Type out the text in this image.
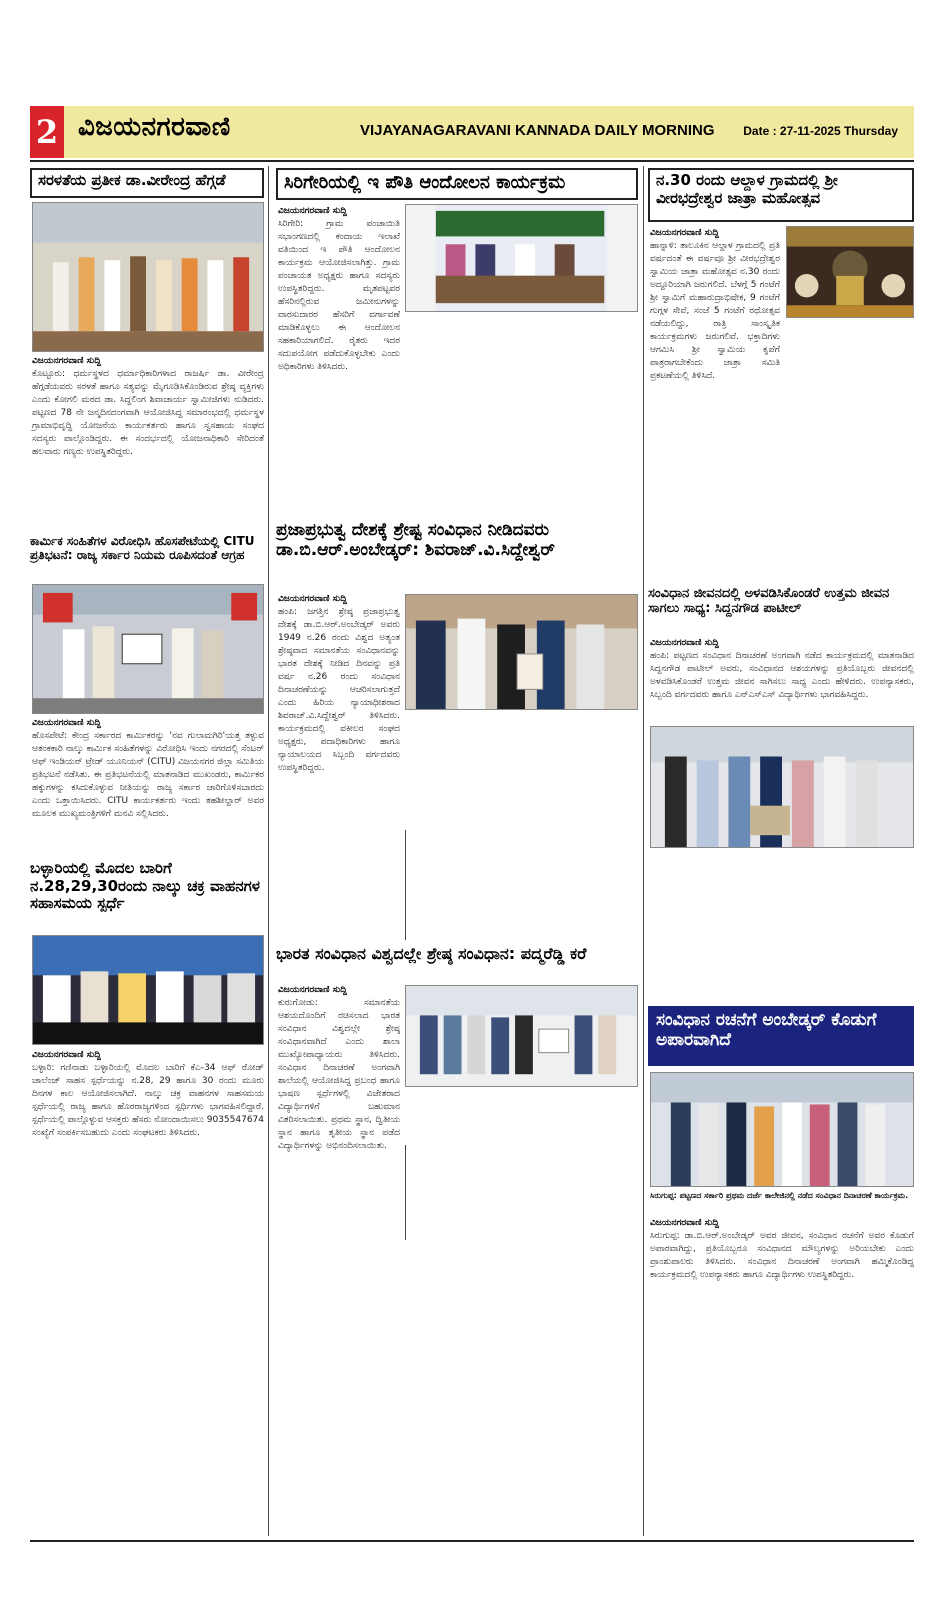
2 ವಿಜಯನಗರವಾಣಿ	VIJAYANAGARAVANI KANNADA DAILY MORNING Date : 27-11-2025 Thursday
ಸರಳತೆಯ ಪ್ರತೀಕ ಡಾ.ವೀರೇಂದ್ರ ಹೆಗ್ಗಡೆ
ವಿಜಯನಗರವಾಣಿ ಸುದ್ದಿ
ಕೊಟ್ಟೂರು: ಧರ್ಮಸ್ಥಳದ ಧರ್ಮಾಧಿಕಾರಿಗಳಾದ ರಾಜರ್ಷಿ ಡಾ. ವೀರೇಂದ್ರ ಹೆಗ್ಗಡೆಯವರು ಸರಳತೆ ಹಾಗೂ ಸತ್ಯವನ್ನು ಮೈಗೂಡಿಸಿಕೊಂಡಿರುವ ಶ್ರೇಷ್ಠ ವ್ಯಕ್ತಿಗಳು ಎಂದು ಕೋಗಲಿ ಮಠದ ಡಾ. ಸಿದ್ಧಲಿಂಗ ಶಿವಾಚಾರ್ಯ ಸ್ವಾಮೀಜಿಗಳು ನುಡಿದರು. ಪಟ್ಟಣದ 78 ನೇ ಜನ್ಮದಿನದಂಗವಾಗಿ ಆಯೋಜಿಸಿದ್ದ ಸಮಾರಂಭದಲ್ಲಿ ಧರ್ಮಸ್ಥಳ ಗ್ರಾಮಾಭಿವೃದ್ಧಿ ಯೋಜನೆಯ ಕಾರ್ಯಕರ್ತರು ಹಾಗೂ ಸ್ವಸಹಾಯ ಸಂಘದ ಸದಸ್ಯರು ಪಾಲ್ಗೊಂಡಿದ್ದರು. ಈ ಸಂದರ್ಭದಲ್ಲಿ ಯೋಜನಾಧಿಕಾರಿ ಸೇರಿದಂತೆ ಹಲವಾರು ಗಣ್ಯರು ಉಪಸ್ಥಿತರಿದ್ದರು.
ಕಾರ್ಮಿಕ ಸಂಹಿತೆಗಳ ವಿರೋಧಿಸಿ ಹೊಸಪೇಟೆಯಲ್ಲಿ CITU ಪ್ರತಿಭಟನೆ: ರಾಜ್ಯ ಸರ್ಕಾರ ನಿಯಮ ರೂಪಿಸದಂತೆ ಆಗ್ರಹ
ವಿಜಯನಗರವಾಣಿ ಸುದ್ದಿ
ಹೊಸಪೇಟೆ: ಕೇಂದ್ರ ಸರ್ಕಾರದ ಕಾರ್ಮಿಕರನ್ನು 'ನವ ಗುಲಾಮಗಿರಿ'ಯತ್ತ ತಳ್ಳುವ ಆತಂಕಕಾರಿ ನಾಲ್ಕು ಕಾರ್ಮಿಕ ಸಂಹಿತೆಗಳನ್ನು ವಿರೋಧಿಸಿ ಇಂದು ನಗರದಲ್ಲಿ ಸೆಂಟರ್ ಆಫ್ ಇಂಡಿಯನ್ ಟ್ರೇಡ್ ಯೂನಿಯನ್ (CITU) ವಿಜಯನಗರ ಜಿಲ್ಲಾ ಸಮಿತಿಯ ಪ್ರತಿಭಟನೆ ನಡೆಸಿತು. ಈ ಪ್ರತಿಭಟನೆಯಲ್ಲಿ ಮಾತನಾಡಿದ ಮುಖಂಡರು, ಕಾರ್ಮಿಕರ ಹಕ್ಕುಗಳನ್ನು ಕಸಿದುಕೊಳ್ಳುವ ನೀತಿಯನ್ನು ರಾಜ್ಯ ಸರ್ಕಾರ ಜಾರಿಗೊಳಿಸಬಾರದು ಎಂದು ಒತ್ತಾಯಿಸಿದರು. CITU ಕಾರ್ಯಕರ್ತರು ಇಂದು ತಹಶೀಲ್ದಾರ್ ಅವರ ಮೂಲಕ ಮುಖ್ಯಮಂತ್ರಿಗಳಿಗೆ ಮನವಿ ಸಲ್ಲಿಸಿದರು.
ಬಳ್ಳಾರಿಯಲ್ಲಿ ಮೊದಲ ಬಾರಿಗೆ ನ.28,29,30ರಂದು ನಾಲ್ಕು ಚಕ್ರ ವಾಹನಗಳ ಸಹಾಸಮಯ ಸ್ಪರ್ಧೆ
ವಿಜಯನಗರವಾಣಿ ಸುದ್ದಿ
ಬಳ್ಳಾರಿ: ಗಣಿನಾಡು ಬಳ್ಳಾರಿಯಲ್ಲಿ ಮೊದಲ ಬಾರಿಗೆ ಕೆಎ-34 ಆಫ್ ರೋಡ್ ಚಾಲೆಂಜ್ ಸಾಹಸ ಸ್ಪರ್ಧೆಯನ್ನು ನ.28, 29 ಹಾಗೂ 30 ರಂದು ಮೂರು ದಿನಗಳ ಕಾಲ ಆಯೋಜಿಸಲಾಗಿದೆ. ನಾಲ್ಕು ಚಕ್ರ ವಾಹನಗಳ ಸಾಹಸಮಯ ಸ್ಪರ್ಧೆಯಲ್ಲಿ ರಾಜ್ಯ ಹಾಗೂ ಹೊರರಾಜ್ಯಗಳಿಂದ ಸ್ಪರ್ಧಿಗಳು ಭಾಗವಹಿಸಲಿದ್ದಾರೆ. ಸ್ಪರ್ಧೆಯಲ್ಲಿ ಪಾಲ್ಗೊಳ್ಳುವ ಆಸಕ್ತರು ಹೆಸರು ನೋಂದಾಯಿಸಲು 9035547674 ಸಂಖ್ಯೆಗೆ ಸಂಪರ್ಕಿಸಬಹುದು ಎಂದು ಸಂಘಟಕರು ತಿಳಿಸಿದರು.
ಸಿರಿಗೇರಿಯಲ್ಲಿ ಇ ಪೌತಿ ಆಂದೋಲನ ಕಾರ್ಯಕ್ರಮ
ವಿಜಯನಗರವಾಣಿ ಸುದ್ದಿ
ಸಿರಿಗೇರಿ: ಗ್ರಾಮ ಪಂಚಾಯಿತಿ ಸಭಾಂಗಣದಲ್ಲಿ ಕಂದಾಯ ಇಲಾಖೆ ವತಿಯಿಂದ ಇ ಪೌತಿ ಆಂದೋಲನ ಕಾರ್ಯಕ್ರಮ ಆಯೋಜಿಸಲಾಗಿತ್ತು. ಗ್ರಾಮ ಪಂಚಾಯತ ಅಧ್ಯಕ್ಷರು ಹಾಗೂ ಸದಸ್ಯರು ಉಪಸ್ಥಿತರಿದ್ದರು. ಮೃತಪಟ್ಟವರ ಹೆಸರಿನಲ್ಲಿರುವ ಜಮೀನುಗಳನ್ನು ವಾರಸುದಾರರ ಹೆಸರಿಗೆ ವರ್ಗಾವಣೆ ಮಾಡಿಕೊಳ್ಳಲು ಈ ಆಂದೋಲನ ಸಹಕಾರಿಯಾಗಲಿದೆ. ರೈತರು ಇದರ ಸದುಪಯೋಗ ಪಡೆದುಕೊಳ್ಳಬೇಕು ಎಂದು ಅಧಿಕಾರಿಗಳು ತಿಳಿಸಿದರು.
ಪ್ರಜಾಪ್ರಭುತ್ವ ದೇಶಕ್ಕೆ ಶ್ರೇಷ್ಟ ಸಂವಿಧಾನ ನೀಡಿದವರು ಡಾ.ಬಿ.ಆರ್.ಅಂಬೇಡ್ಕರ್: ಶಿವರಾಜ್.ವಿ.ಸಿದ್ದೇಶ್ವರ್
ವಿಜಯನಗರವಾಣಿ ಸುದ್ದಿ
ಹಂಪಿ: ಜಗತ್ತಿನ ಶ್ರೇಷ್ಠ ಪ್ರಜಾಪ್ರಭುತ್ವ ದೇಶಕ್ಕೆ ಡಾ.ಬಿ.ಆರ್.ಅಂಬೇಡ್ಕರ್ ಅವರು 1949 ನ.26 ರಂದು ವಿಶ್ವದ ಅತ್ಯಂತ ಶ್ರೇಷ್ಠವಾದ ಸಮಾನತೆಯ ಸಂವಿಧಾನವನ್ನು ಭಾರತ ದೇಶಕ್ಕೆ ನೀಡಿದ ದಿನವನ್ನು ಪ್ರತಿ ವರ್ಷ ನ.26 ರಂದು ಸಂವಿಧಾನ ದಿನಾಚರಣೆಯನ್ನು ಆಚರಿಸಲಾಗುತ್ತದೆ ಎಂದು ಹಿರಿಯ ನ್ಯಾಯಾಧೀಶರಾದ ಶಿವರಾಜ್.ವಿ.ಸಿದ್ದೇಶ್ವರ್ ತಿಳಿಸಿದರು. ಕಾರ್ಯಕ್ರಮದಲ್ಲಿ ವಕೀಲರ ಸಂಘದ ಅಧ್ಯಕ್ಷರು, ಪದಾಧಿಕಾರಿಗಳು ಹಾಗೂ ನ್ಯಾಯಾಲಯದ ಸಿಬ್ಬಂದಿ ವರ್ಗದವರು ಉಪಸ್ಥಿತರಿದ್ದರು.
ಭಾರತ ಸಂವಿಧಾನ ವಿಶ್ವದಲ್ಲೇ ಶ್ರೇಷ್ಠ ಸಂವಿಧಾನ: ಪದ್ಮರೆಡ್ಡಿ ಕರೆ
ವಿಜಯನಗರವಾಣಿ ಸುದ್ದಿ
ಕುರುಗೋಡು: ಸಮಾನತೆಯ ಆಶಯದೊಂದಿಗೆ ರಚಿಸಲಾದ ಭಾರತ ಸಂವಿಧಾನ ವಿಶ್ವದಲ್ಲೇ ಶ್ರೇಷ್ಠ ಸಂವಿಧಾನವಾಗಿದೆ ಎಂದು ಶಾಲಾ ಮುಖ್ಯೋಪಾಧ್ಯಾಯರು ತಿಳಿಸಿದರು. ಸಂವಿಧಾನ ದಿನಾಚರಣೆ ಅಂಗವಾಗಿ ಶಾಲೆಯಲ್ಲಿ ಆಯೋಜಿಸಿದ್ದ ಪ್ರಬಂಧ ಹಾಗೂ ಭಾಷಣ ಸ್ಪರ್ಧೆಗಳಲ್ಲಿ ವಿಜೇತರಾದ ವಿದ್ಯಾರ್ಥಿಗಳಿಗೆ ಬಹುಮಾನ ವಿತರಿಸಲಾಯಿತು. ಪ್ರಥಮ ಸ್ಥಾನ, ದ್ವಿತೀಯ ಸ್ಥಾನ ಹಾಗೂ ತೃತೀಯ ಸ್ಥಾನ ಪಡೆದ ವಿದ್ಯಾರ್ಥಿಗಳನ್ನು ಅಭಿನಂದಿಸಲಾಯಿತು.
ನ.30 ರಂದು ಆಲ್ದಾಳ ಗ್ರಾಮದಲ್ಲಿ ಶ್ರೀ ವೀರಭದ್ರೇಶ್ವರ ಜಾತ್ರಾ ಮಹೋತ್ಸವ
ವಿಜಯನಗರವಾಣಿ ಸುದ್ದಿ
ಹಾನ್ನಾಳಿ: ತಾಲೂಕಿನ ಆಲ್ದಾಳ ಗ್ರಾಮದಲ್ಲಿ ಪ್ರತಿ ವರ್ಷದಂತೆ ಈ ವರ್ಷವೂ ಶ್ರೀ ವೀರಭದ್ರೇಶ್ವರ ಸ್ವಾಮಿಯ ಜಾತ್ರಾ ಮಹೋತ್ಸವ ನ.30 ರಂದು ಅದ್ದೂರಿಯಾಗಿ ಜರುಗಲಿದೆ. ಬೆಳಗ್ಗೆ 5 ಗಂಟೆಗೆ ಶ್ರೀ ಸ್ವಾಮಿಗೆ ಮಹಾರುದ್ರಾಭಿಷೇಕ, 9 ಗಂಟೆಗೆ ಗುಗ್ಗಳ ಸೇವೆ, ಸಂಜೆ 5 ಗಂಟೆಗೆ ರಥೋತ್ಸವ ನಡೆಯಲಿದ್ದು, ರಾತ್ರಿ ಸಾಂಸ್ಕೃತಿಕ ಕಾರ್ಯಕ್ರಮಗಳು ಜರುಗಲಿವೆ. ಭಕ್ತಾದಿಗಳು ಆಗಮಿಸಿ ಶ್ರೀ ಸ್ವಾಮಿಯ ಕೃಪೆಗೆ ಪಾತ್ರರಾಗಬೇಕೆಂದು ಜಾತ್ರಾ ಸಮಿತಿ ಪ್ರಕಟಣೆಯಲ್ಲಿ ತಿಳಿಸಿದೆ.
ಸಂವಿಧಾನ ಜೀವನದಲ್ಲಿ ಅಳವಡಿಸಿಕೊಂಡರೆ ಉತ್ತಮ ಜೀವನ ಸಾಗಲು ಸಾಧ್ಯ: ಸಿದ್ದನಗೌಡ ಪಾಟೀಲ್
ವಿಜಯನಗರವಾಣಿ ಸುದ್ದಿ
ಹಂಪಿ: ಪಟ್ಟಣದ ಸಂವಿಧಾನ ದಿನಾಚರಣೆ ಅಂಗವಾಗಿ ನಡೆದ ಕಾರ್ಯಕ್ರಮದಲ್ಲಿ ಮಾತನಾಡಿದ ಸಿದ್ದನಗೌಡ ಪಾಟೀಲ್ ಅವರು, ಸಂವಿಧಾನದ ಆಶಯಗಳನ್ನು ಪ್ರತಿಯೊಬ್ಬರು ಜೀವನದಲ್ಲಿ ಅಳವಡಿಸಿಕೊಂಡರೆ ಉತ್ತಮ ಜೀವನ ಸಾಗಿಸಲು ಸಾಧ್ಯ ಎಂದು ಹೇಳಿದರು. ಉಪನ್ಯಾಸಕರು, ಸಿಬ್ಬಂದಿ ವರ್ಗದವರು ಹಾಗೂ ಎನ್ಎಸ್ಎಸ್ ವಿದ್ಯಾರ್ಥಿಗಳು ಭಾಗವಹಿಸಿದ್ದರು.
ಸಂವಿಧಾನ ರಚನೆಗೆ ಅಂಬೇಡ್ಕರ್ ಕೊಡುಗೆ ಅಪಾರವಾಗಿದೆ
ಸಿರುಗುಪ್ಪ: ಪಟ್ಟಣದ ಸರ್ಕಾರಿ ಪ್ರಥಮ ದರ್ಜೆ ಕಾಲೇಜಿನಲ್ಲಿ ನಡೆದ ಸಂವಿಧಾನ ದಿನಾಚರಣೆ ಕಾರ್ಯಕ್ರಮ.
ವಿಜಯನಗರವಾಣಿ ಸುದ್ದಿ
ಸಿರುಗುಪ್ಪ: ಡಾ.ಬಿ.ಆರ್.ಅಂಬೇಡ್ಕರ್ ಅವರ ಜೀವನ, ಸಂವಿಧಾನ ರಚನೆಗೆ ಅವರ ಕೊಡುಗೆ ಅಪಾರವಾಗಿದ್ದು, ಪ್ರತಿಯೊಬ್ಬರೂ ಸಂವಿಧಾನದ ಮೌಲ್ಯಗಳನ್ನು ಅರಿಯಬೇಕು ಎಂದು ಪ್ರಾಂಶುಪಾಲರು ತಿಳಿಸಿದರು. ಸಂವಿಧಾನ ದಿನಾಚರಣೆ ಅಂಗವಾಗಿ ಹಮ್ಮಿಕೊಂಡಿದ್ದ ಕಾರ್ಯಕ್ರಮದಲ್ಲಿ ಉಪನ್ಯಾಸಕರು ಹಾಗೂ ವಿದ್ಯಾರ್ಥಿಗಳು ಉಪಸ್ಥಿತರಿದ್ದರು.
